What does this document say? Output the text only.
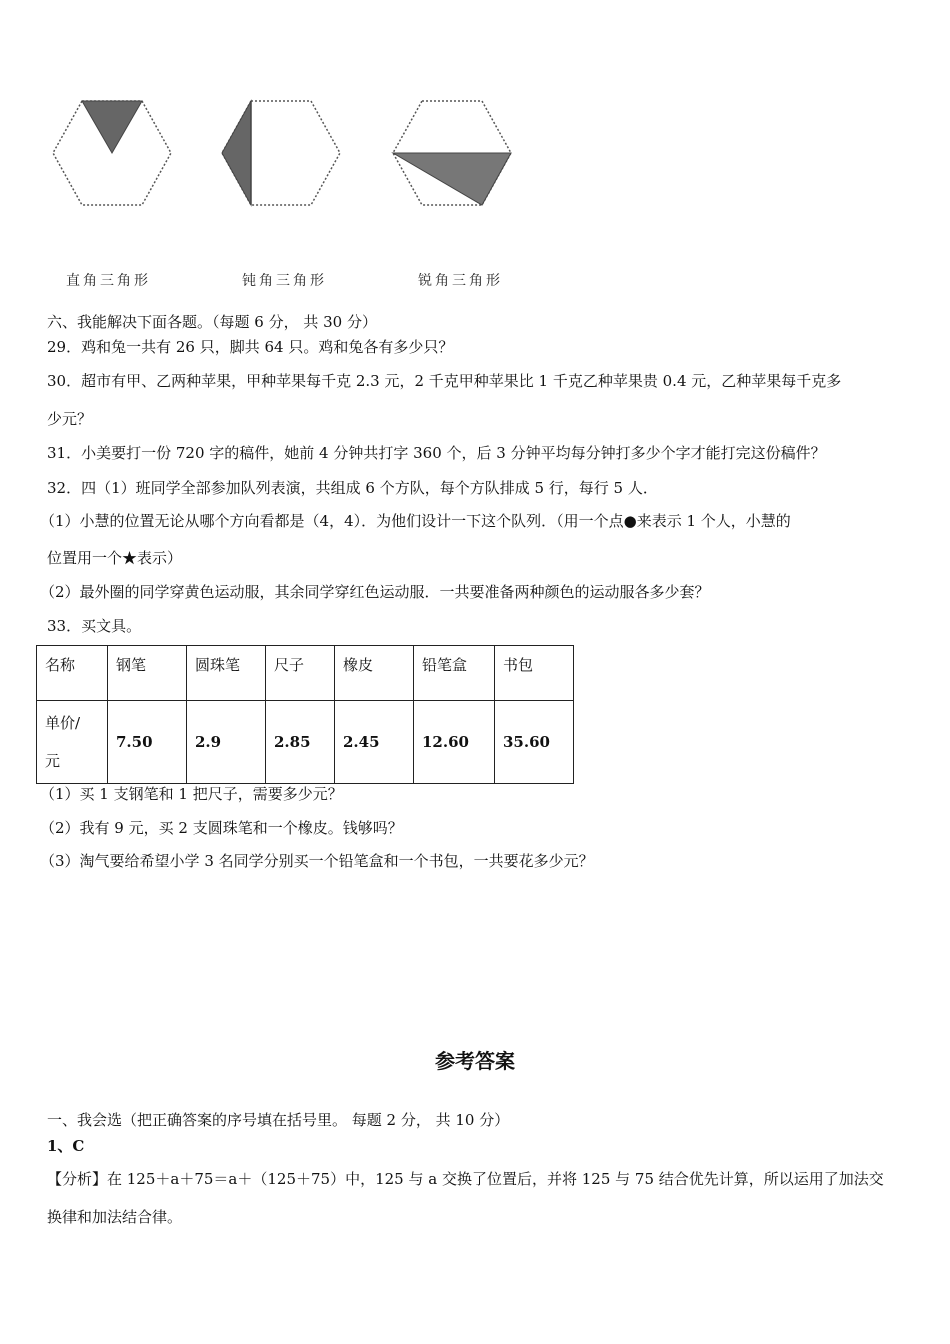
直角三角形	钝角三角形	锐角三角形
六、我能解决下面各题。（每题 6 分， 共 30 分）
29．鸡和兔一共有 26 只，脚共 64 只。鸡和兔各有多少只？
30．超市有甲、乙两种苹果，甲种苹果每千克 2.3 元，2 千克甲种苹果比 1 千克乙种苹果贵 0.4 元，乙种苹果每千克多
少元？
31．小美要打一份 720 字的稿件，她前 4 分钟共打字 360 个，后 3 分钟平均每分钟打多少个字才能打完这份稿件？
32．四（1）班同学全部参加队列表演，共组成 6 个方队，每个方队排成 5 行，每行 5 人．
（1）小慧的位置无论从哪个方向看都是（4，4）．为他们设计一下这个队列．（用一个点●来表示 1 个人，小慧的
位置用一个★表示）
（2）最外圈的同学穿黄色运动服，其余同学穿红色运动服．一共要准备两种颜色的运动服各多少套？
33．买文具。
名称	钢笔	圆珠笔	尺子	橡皮	铅笔盒	书包

单价/
元	7.50	2.9	2.85	2.45	12.60	35.60
（1）买 1 支钢笔和 1 把尺子，需要多少元？
（2）我有 9 元，买 2 支圆珠笔和一个橡皮。钱够吗？
（3）淘气要给希望小学 3 名同学分别买一个铅笔盒和一个书包，一共要花多少元？
参考答案
一、我会选（把正确答案的序号填在括号里。 每题 2 分， 共 10 分）
1、C
【分析】在 125＋a＋75＝a＋（125＋75）中，125 与 a 交换了位置后，并将 125 与 75 结合优先计算，所以运用了加法交
换律和加法结合律。
